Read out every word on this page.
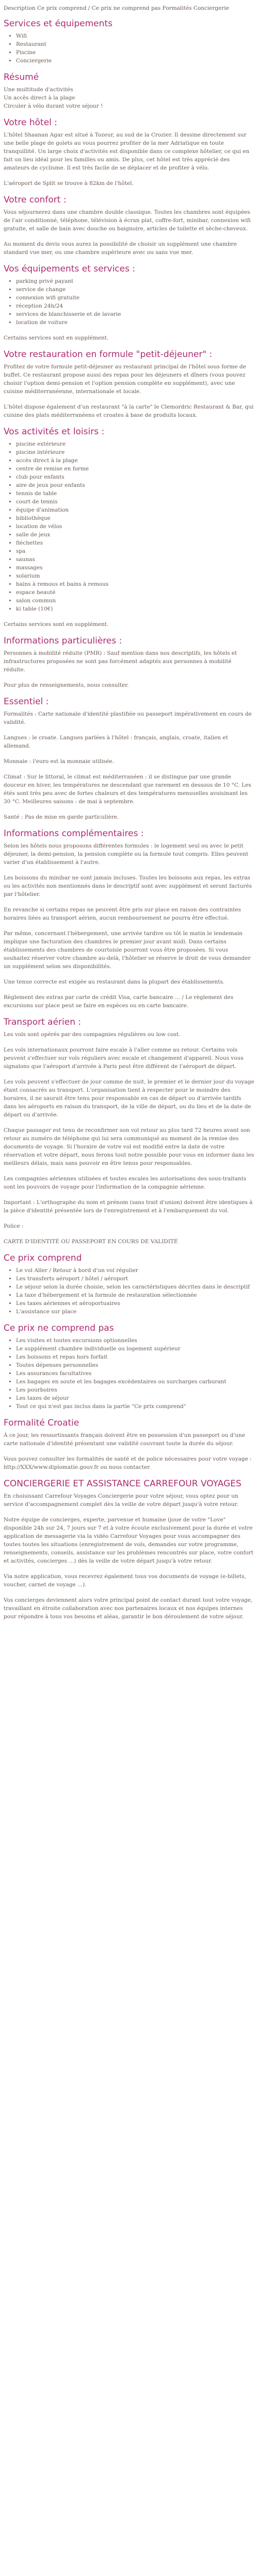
Description Ce prix comprend / Ce prix ne comprend pas Formalités Conciergerie

Services et équipements
• Wifi
• Restaurant
• Piscine
• Conciergerie
Résumé
Une multitude d'activités
Un accès direct à la plage
Circuler à vélo durant votre séjour !
Votre hôtel :

L'hôtel Shaanan Agar est situé à Tozeur, au sud de la Crozier. Il dessine directement sur une belle plage de golets au vous pourrez profiter de la mer Adriatique en toute tranquillité. Un large choix d'activités est disponible dans ce complexe hôtelier, ce qui en fait un lieu idéal pour les familles ou amis. De plus, cet hôtel est très apprécié des amateurs de cyclisme. Il est très facile de se déplacer et de profiter à vélo.

L'aéroport de Split se trouve à 82km de l'hôtel.

Votre confort :

Vous séjournerez dans une chambre double classique. Toutes les chambres sont équipées de l'air conditionné, téléphone, télévision à écran plat, coffre-fort, minibar, connexion wifi gratuite, et salle de bain avec douche ou baignoire, articles de toilette et sèche-cheveux.

Au moment du devis vous aurez la possibilité de choisir un supplément une chambre standard vue mer, ou une chambre supérieure avec ou sans vue mer.

Vos équipements et services :
• parking privé payant
• service de change
• connexion wifi gratuite
• réception 24h/24
• services de blanchisserie et de lavarie
• location de voiture

Certains services sont en supplément.

Votre restauration en formule "petit-déjeuner" :

Profitez de votre formule petit-déjeuner au restaurant principal de l'hôtel sous forme de buffet. Ce restaurant propose aussi des repas pour les déjeuners et dîners (vous pouvez choisir l'option demi-pension et l'option pension complète en supplément), avec une cuisine méditerranéenne, internationale et locale.

L'hôtel dispose également d'un restaurant "à la carte" le Clemordric Restaurant & Bar, qui cuisine des plats méditerranéens et croates à base de produits locaux.

Vos activités et loisirs :
• piscine extérieure
• piscine intérieure
• accès direct à la plage
• centre de remise en forme
• club pour enfants
• aire de jeux pour enfants
• tennis de table
• court de tennis
• équipe d'animation
• bibliothèque
• location de vélos
• salle de jeux
• fléchettes
• spa
• saunas
• massages
• solarium
• bains à remous et bains à remous
• espace beauté
• salon commun
• ki table (10€)

Certains services sont en supplément.

Informations particulières :

Personnes à mobilité réduite (PMR) : Sauf mention dans nos descriptifs, les hôtels et infrastructures proposées ne sont pas forcément adaptés aux personnes à mobilité réduite.

Pour plus de renseignements, nous consulter.

Essentiel :

Formalités : Carte nationale d'identité plastifiée ou passeport impérativement en cours de validité.

Langues : le croate. Langues parlées à l'hôtel : français, anglais, croate, italien et allemand.

Monnaie : l'euro est la monnaie utilisée.

Climat : Sur le littoral, le climat est méditerranéen : il se distingue par une grande douceur en hiver, les températures ne descendant que rarement en dessous de 10 °C. Les étés sont très peu avec de fortes chaleurs et des températures mensuelles avoisinant les 30 °C. Meilleures saisons : de mai à septembre.

Santé : Pas de mise en garde particulière.

Informations complémentaires :

Selon les hôtels nous proposons différentes formules : le logement seul ou avec le petit déjeuner, la demi-pension, la pension complète ou la formule tout compris. Elles peuvent varier d'un établissement à l'autre.

Les boissons du minibar ne sont jamais incluses. Toutes les boissons aux repas, les extras ou les activités non mentionnés dans le descriptif sont avec supplément et seront facturés par l'hôtelier.

En revanche si certains repas ne peuvent être pris sur place en raison des contraintes horaires liées au transport aérien, aucun remboursement ne pourra être effectué.

Par même, concernant l'hébergement, une arrivée tardive ou tôt le matin le lendemain implique une facturation des chambres le premier jour avant midi. Dans certains établissements des chambres de courtoisie pourront vous être proposées. Si vous souhaitez réserver votre chambre au-delà, l'hôtelier se réserve le droit de vous demander un supplément selon ses disponibilités.

Une tenue correcte est exigée au restaurant dans la plupart des établissements.

Règlement des extras par carte de crédit Visa, carte bancaire ... / Le règlement des excursions sur place peut se faire en espèces ou en carte bancaire.

Transport aérien :

Les vols sont opérés par des compagnies régulières ou low cost.

Les vols internationaux pourront faire escale à l'aller comme au retour. Certains vols peuvent s'effectuer sur vols réguliers avec escale et changement d'appareil. Nous vous signalons que l'aéroport d'arrivée à Paris peut être différent de l'aéroport de départ.

Les vols peuvent s'effectuer de jour comme de nuit, le premier et le dernier jour du voyage étant consacrés au transport. L'organisation tient à respecter pour le moindre des horaires, il ne saurait être tenu pour responsable en cas de départ ou d'arrivée tardifs dans les aéroports en raison du transport, de la ville de départ, ou du lieu et de la date de départ ou d'arrivée.

Chaque passager est tenu de reconfirmer son vol retour au plus tard 72 heures avant son retour au numéro de téléphone qui lui sera communiqué au moment de la remise des documents de voyage. Si l'horaire de votre vol est modifié entre la date de votre réservation et votre départ, nous ferons tout notre possible pour vous en informer dans les meilleurs délais, mais sans pouvoir en être tenus pour responsables.

Les compagnies aériennes utilisées et toutes escales les autorisations des sous-traitants sont les pouvoirs de voyage pour l'information de la compagnie aérienne.

Important : L'orthographe du nom et prénom (sans trait d'union) doivent être identiques à la pièce d'identité présentée lors de l'enregistrement et à l'embarquement du vol.

Police :

CARTE D'IDENTITÉ OU PASSEPORT EN COURS DE VALIDITÉ

Ce prix comprend
• Le vol Aller / Retour à bord d'un vol régulier
• Les transferts aéroport / hôtel / aéroport
• Le séjour selon la durée choisie, selon les caractéristiques décrites dans le descriptif
• La taxe d'hébergement et la formule de restauration sélectionnée
• Les taxes aériennes et aéroportuaires
• L'assistance sur place
Ce prix ne comprend pas
• Les visites et toutes excursions optionnelles
• Le supplément chambre individuelle ou logement supérieur
• Les boissons et repas hors forfait
• Toutes dépenses personnelles
• Les assurances facultatives
• Les bagages en soute et les bagages excédentaires ou surcharges carburant
• Les pourboires
• Les taxes de séjour
• Tout ce qui n'est pas inclus dans la partie "Ce prix comprend"
Formalité Croatie

À ce jour, les ressortissants français doivent être en possession d'un passeport ou d'une carte nationale d'identité présentant une validité couvrant toute la durée du séjour.

Vous pouvez consulter les formalités de santé et de police nécessaires pour votre voyage : http://XXX/www.diplomatie.gouv.fr ou nous contacter.

CONCIERGERIE ET ASSISTANCE CARREFOUR VOYAGES

En choisissant Carrefour Voyages Conciergerie pour votre séjour, vous optez pour un service d'accompagnement complet dès la veille de votre départ jusqu'à votre retour.

Notre équipe de concierges, experte, parvenue et humaine (joue de votre "Love" disponible 24h sur 24, 7 jours sur 7 et à votre écoute exclusivement pour la durée et votre application de messagerie via la vidéo Carrefour Voyages pour vous accompagner des toutes toutes les situations (enregistrement de vols, demandes sur votre programme, renseignements, conseils, assistance sur les problèmes rencontrés sur place, votre confort et activités, concierges ...) dès la veille de votre départ jusqu'à votre retour.

Via notre application, vous recevrez également tous vos documents de voyage (e-billets, voucher, carnet de voyage ...).

Vos concierges deviennent alors votre principal point de contact durant tout votre voyage, travaillant en étroite collaboration avec nos partenaires locaux et nos équipes internes pour répondre à tous vos besoins et aléas, garantir le bon déroulement de votre séjour.
